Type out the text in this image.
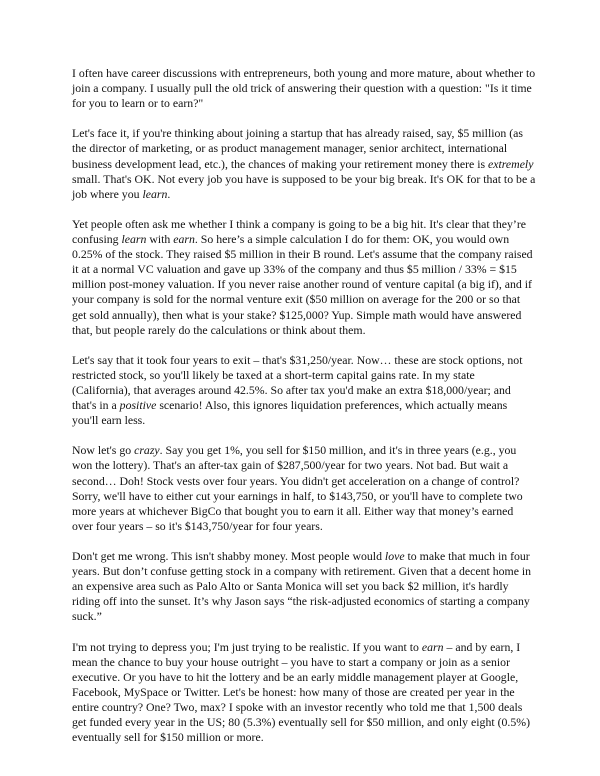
I often have career discussions with entrepreneurs, both young and more mature, about whether to join a company. I usually pull the old trick of answering their question with a question: "Is it time for you to learn or to earn?"

Let's face it, if you're thinking about joining a startup that has already raised, say, $5 million (as the director of marketing, or as product management manager, senior architect, international business development lead, etc.), the chances of making your retirement money there is extremely small. That's OK. Not every job you have is supposed to be your big break. It's OK for that to be a job where you learn.

Yet people often ask me whether I think a company is going to be a big hit. It's clear that they’re confusing learn with earn. So here’s a simple calculation I do for them: OK, you would own 0.25% of the stock. They raised $5 million in their B round. Let's assume that the company raised it at a normal VC valuation and gave up 33% of the company and thus $5 million / 33% = $15 million post-money valuation. If you never raise another round of venture capital (a big if), and if your company is sold for the normal venture exit ($50 million on average for the 200 or so that get sold annually), then what is your stake? $125,000? Yup. Simple math would have answered that, but people rarely do the calculations or think about them.

Let's say that it took four years to exit – that's $31,250/year. Now… these are stock options, not restricted stock, so you'll likely be taxed at a short-term capital gains rate. In my state (California), that averages around 42.5%. So after tax you'd make an extra $18,000/year; and that's in a positive scenario! Also, this ignores liquidation preferences, which actually means you'll earn less.

Now let's go crazy. Say you get 1%, you sell for $150 million, and it's in three years (e.g., you won the lottery). That's an after-tax gain of $287,500/year for two years. Not bad. But wait a second… Doh! Stock vests over four years. You didn't get acceleration on a change of control? Sorry, we'll have to either cut your earnings in half, to $143,750, or you'll have to complete two more years at whichever BigCo that bought you to earn it all. Either way that money’s earned over four years – so it's $143,750/year for four years.

Don't get me wrong. This isn't shabby money. Most people would love to make that much in four years. But don’t confuse getting stock in a company with retirement. Given that a decent home in an expensive area such as Palo Alto or Santa Monica will set you back $2 million, it's hardly riding off into the sunset. It’s why Jason says “the risk-adjusted economics of starting a company suck.”

I'm not trying to depress you; I'm just trying to be realistic. If you want to earn – and by earn, I mean the chance to buy your house outright – you have to start a company or join as a senior executive. Or you have to hit the lottery and be an early middle management player at Google, Facebook, MySpace or Twitter. Let's be honest: how many of those are created per year in the entire country? One? Two, max? I spoke with an investor recently who told me that 1,500 deals get funded every year in the US; 80 (5.3%) eventually sell for $50 million, and only eight (0.5%) eventually sell for $150 million or more.
